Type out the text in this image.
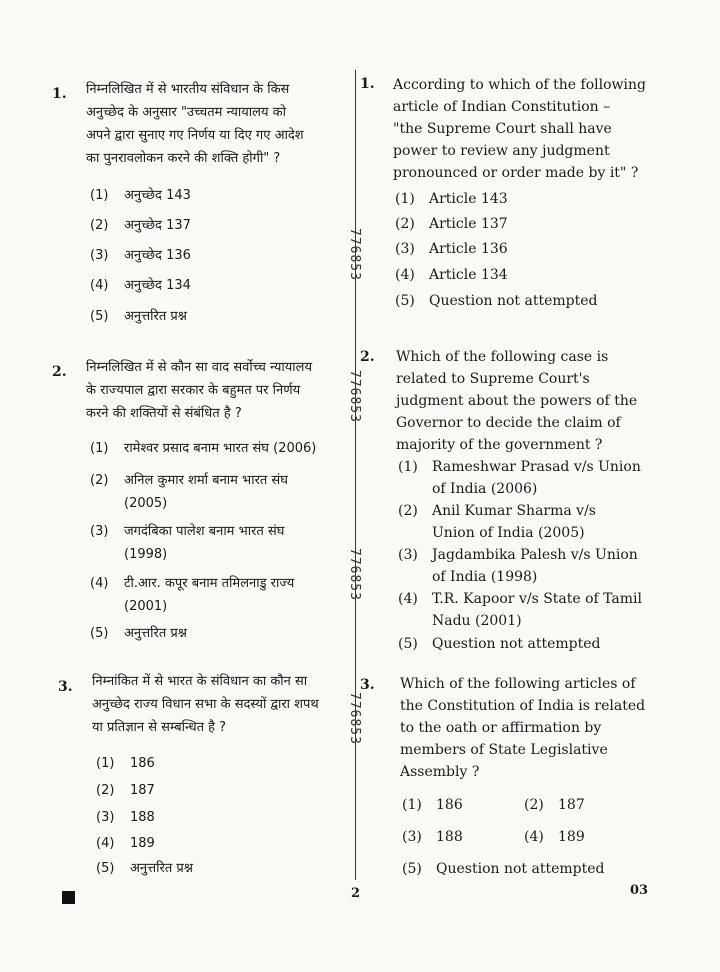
1. निम्नलिखित में से भारतीय संविधान के किस
अनुच्छेद के अनुसार "उच्चतम न्यायालय को
अपने द्वारा सुनाए गए निर्णय या दिए गए आदेश
का पुनरावलोकन करने की शक्ति होगी" ?
(1) अनुच्छेद 143
(2) अनुच्छेद 137
(3) अनुच्छेद 136
(4) अनुच्छेद 134
(5) अनुत्तरित प्रश्न
2. निम्नलिखित में से कौन सा वाद सर्वोच्च न्यायालय
के राज्यपाल द्वारा सरकार के बहुमत पर निर्णय
करने की शक्तियों से संबंधित है ?
(1) रामेश्वर प्रसाद बनाम भारत संघ (2006)
(2) अनिल कुमार शर्मा बनाम भारत संघ
(2005)
(3) जगदंबिका पालेश बनाम भारत संघ
(1998)
(4) टी.आर. कपूर बनाम तमिलनाडु राज्य
(2001)
(5) अनुत्तरित प्रश्न
3. निम्नांकित में से भारत के संविधान का कौन सा
अनुच्छेद राज्य विधान सभा के सदस्यों द्वारा शपथ
या प्रतिज्ञान से सम्बन्धित है ?
(1) 186
(2) 187
(3) 188
(4) 189
(5) अनुत्तरित प्रश्न
776853
776853
776853
776853
1. According to which of the following
article of Indian Constitution –
"the Supreme Court shall have
power to review any judgment
pronounced or order made by it" ?
(1) Article 143
(2) Article 137
(3) Article 136
(4) Article 134
(5) Question not attempted
2. Which of the following case is
related to Supreme Court's
judgment about the powers of the
Governor to decide the claim of
majority of the government ?
(1) Rameshwar Prasad v/s Union
of India (2006)
(2) Anil Kumar Sharma v/s
Union of India (2005)
(3) Jagdambika Palesh v/s Union
of India (1998)
(4) T.R. Kapoor v/s State of Tamil
Nadu (2001)
(5) Question not attempted
3. Which of the following articles of
the Constitution of India is related
to the oath or affirmation by
members of State Legislative
Assembly ?
(1) 186	(2) 187
(3) 188	(4) 189
(5) Question not attempted
2	03
